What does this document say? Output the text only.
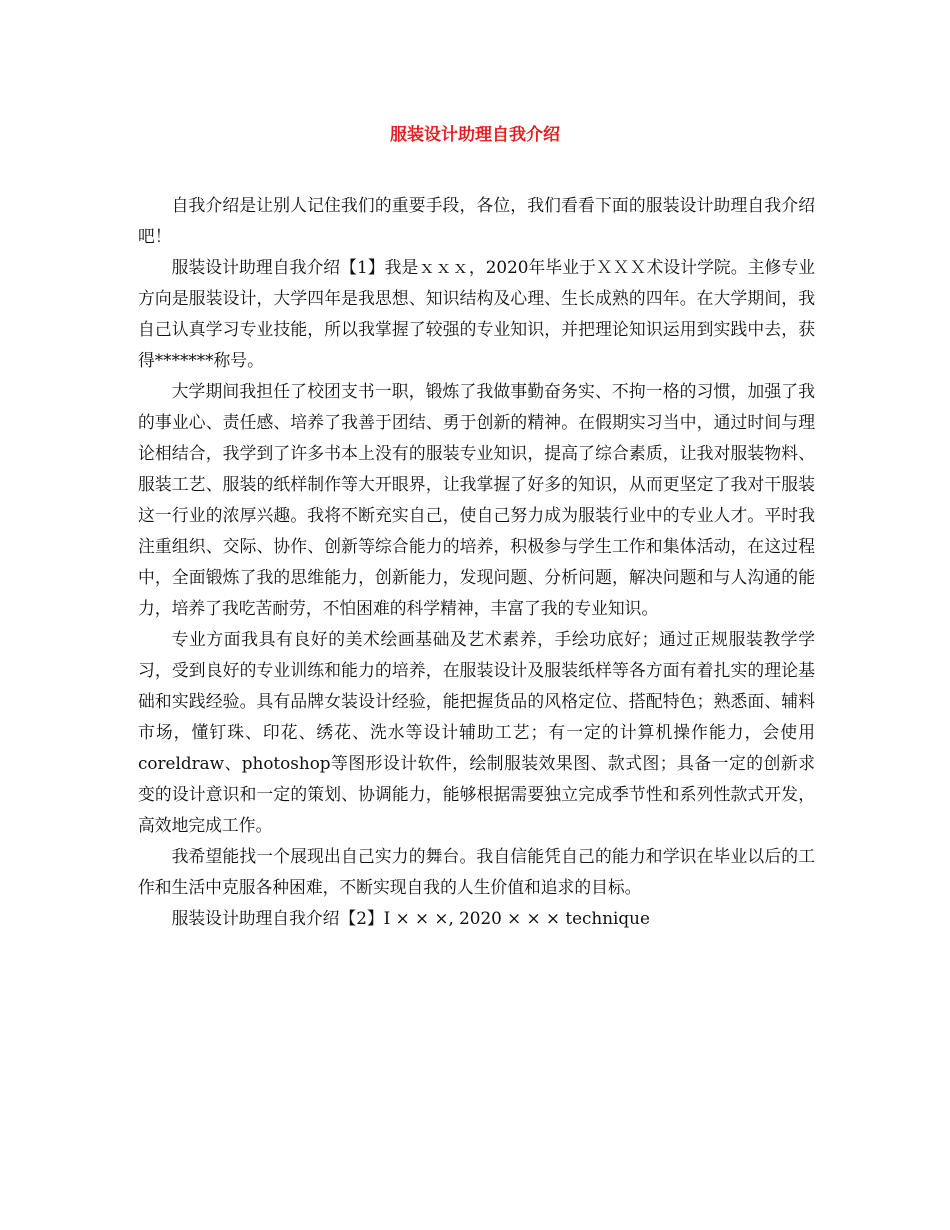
服装设计助理自我介绍

自我介绍是让别人记住我们的重要手段，各位，我们看看下面的服装设计助理自我介绍吧！

服装设计助理自我介绍【1】我是ｘｘｘ，2020年毕业于ＸＸＸ术设计学院。主修专业方向是服装设计，大学四年是我思想、知识结构及心理、生长成熟的四年。在大学期间，我自己认真学习专业技能，所以我掌握了较强的专业知识，并把理论知识运用到实践中去，获得*******称号。

大学期间我担任了校团支书一职，锻炼了我做事勤奋务实、不拘一格的习惯，加强了我的事业心、责任感、培养了我善于团结、勇于创新的精神。在假期实习当中，通过时间与理论相结合，我学到了许多书本上没有的服装专业知识，提高了综合素质，让我对服装物料、服装工艺、服装的纸样制作等大开眼界，让我掌握了好多的知识，从而更坚定了我对干服装这一行业的浓厚兴趣。我将不断充实自己，使自己努力成为服装行业中的专业人才。平时我注重组织、交际、协作、创新等综合能力的培养，积极参与学生工作和集体活动，在这过程中，全面锻炼了我的思维能力，创新能力，发现问题、分析问题，解决问题和与人沟通的能力，培养了我吃苦耐劳，不怕困难的科学精神，丰富了我的专业知识。

专业方面我具有良好的美术绘画基础及艺术素养，手绘功底好；通过正规服装教学学习，受到良好的专业训练和能力的培养，在服装设计及服装纸样等各方面有着扎实的理论基础和实践经验。具有品牌女装设计经验，能把握货品的风格定位、搭配特色；熟悉面、辅料市场，懂钉珠、印花、绣花、洗水等设计辅助工艺；有一定的计算机操作能力，会使用coreldraw、photoshop等图形设计软件，绘制服装效果图、款式图；具备一定的创新求变的设计意识和一定的策划、协调能力，能够根据需要独立完成季节性和系列性款式开发，高效地完成工作。

我希望能找一个展现出自己实力的舞台。我自信能凭自己的能力和学识在毕业以后的工作和生活中克服各种困难，不断实现自我的人生价值和追求的目标。

服装设计助理自我介绍【2】I × × ×, 2020 × × × technique
